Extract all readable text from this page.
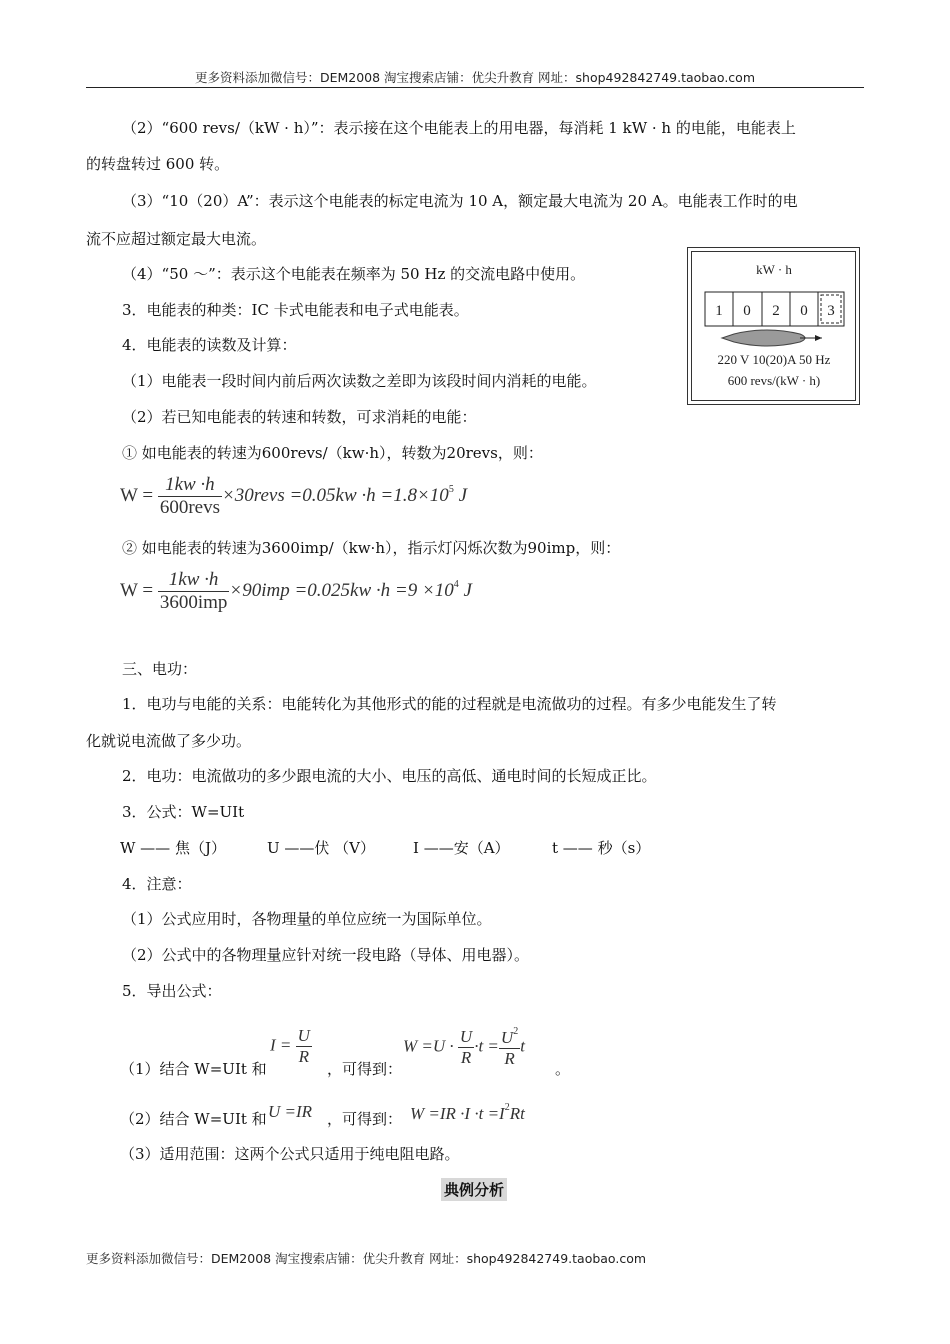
更多资料添加微信号：DEM2008 淘宝搜索店铺：优尖升教育 网址：shop492842749.taobao.com
（2）“600 revs/（kW · h）”：表示接在这个电能表上的用电器，每消耗 1 kW · h 的电能，电能表上
的转盘转过 600 转。
（3）“10（20）A”：表示这个电能表的标定电流为 10 A，额定最大电流为 20 A。电能表工作时的电
流不应超过额定最大电流。
（4）“50 ～”：表示这个电能表在频率为 50 Hz 的交流电路中使用。
3．电能表的种类：IC 卡式电能表和电子式电能表。
4．电能表的读数及计算：
（1）电能表一段时间内前后两次读数之差即为该段时间内消耗的电能。
（2）若已知电能表的转速和转数，可求消耗的电能：
① 如电能表的转速为600revs/（kw·h），转数为20revs，则：
kW · h
1 0 2 0 3
220 V 10(20)A 50 Hz
600 revs/(kW · h)
$W = \frac{1kw \cdot h}{\text{600revs}}$ ×30revs $=0.05kw \cdot h =1.8\times 10^5$ J
② 如电能表的转速为3600imp/（kw·h），指示灯闪烁次数为90imp，则：
$W = \frac{1kw \cdot h}{\text{3600imp}} \times 90imp =0.025kw \cdot h =9 \times 10^4$ J
三、电功：
1．电功与电能的关系：电能转化为其他形式的能的过程就是电流做功的过程。有多少电能发生了转
化就说电流做了多少功。
2．电功：电流做功的多少跟电流的大小、电压的高低、通电时间的长短成正比。
3．公式：W=UIt
W —— 焦（J）	U ——伏 （V）	I ——安（A）	t —— 秒（s）
4．注意：
（1）公式应用时，各物理量的单位应统一为国际单位。
（2）公式中的各物理量应针对统一段电路（导体、用电器）。
5．导出公式：
（1）结合 W=UIt 和
$I = \frac{U}{R}$
，可得到：
$W =U \cdot \frac{U}{R} \cdot t = \frac{U^2}{R}$ t
。
（2）结合 W=UIt 和 U =IR ，可得到： $W =IR \cdot I \cdot t =I^2Rt$
（3）适用范围：这两个公式只适用于纯电阻电路。
典例分析
更多资料添加微信号：DEM2008 淘宝搜索店铺：优尖升教育 网址：shop492842749.taobao.com
